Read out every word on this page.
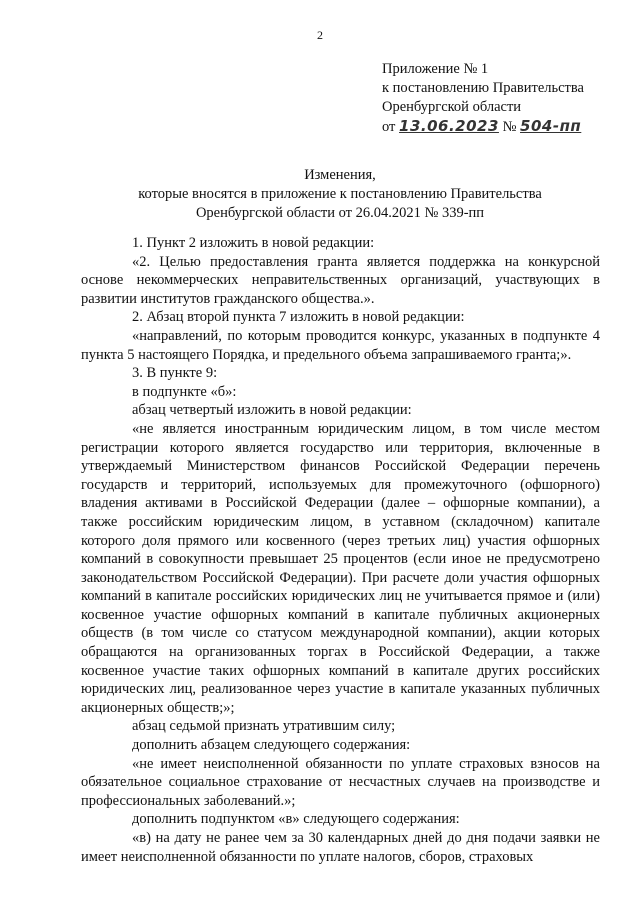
2
Приложение № 1
к постановлению Правительства
Оренбургской области
от 13.06.2023 № 504-пп
Изменения,
которые вносятся в приложение к постановлению Правительства
Оренбургской области от 26.04.2021 № 339-пп

1. Пункт 2 изложить в новой редакции:

«2. Целью предоставления гранта является поддержка на конкурсной основе некоммерческих неправительственных организаций, участвующих в развитии институтов гражданского общества.».

2. Абзац второй пункта 7 изложить в новой редакции:

«направлений, по которым проводится конкурс, указанных в подпункте 4 пункта 5 настоящего Порядка, и предельного объема запрашиваемого гранта;».

3. В пункте 9:

в подпункте «б»:

абзац четвертый изложить в новой редакции:

«не является иностранным юридическим лицом, в том числе местом регистрации которого является государство или территория, включенные в утверждаемый Министерством финансов Российской Федерации перечень государств и территорий, используемых для промежуточного (офшорного) владения активами в Российской Федерации (далее – офшорные компании), а также российским юридическим лицом, в уставном (складочном) капитале которого доля прямого или косвенного (через третьих лиц) участия офшорных компаний в совокупности превышает 25 процентов (если иное не предусмотрено законодательством Российской Федерации). При расчете доли участия офшорных компаний в капитале российских юридических лиц не учитывается прямое и (или) косвенное участие офшорных компаний в капитале публичных акционерных обществ (в том числе со статусом международной компании), акции которых обращаются на организованных торгах в Российской Федерации, а также косвенное участие таких офшорных компаний в капитале других российских юридических лиц, реализованное через участие в капитале указанных публичных акционерных обществ;»;

абзац седьмой признать утратившим силу;

дополнить абзацем следующего содержания:

«не имеет неисполненной обязанности по уплате страховых взносов на обязательное социальное страхование от несчастных случаев на производстве и профессиональных заболеваний.»;

дополнить подпунктом «в» следующего содержания:

«в) на дату не ранее чем за 30 календарных дней до дня подачи заявки не имеет неисполненной обязанности по уплате налогов, сборов, страховых
